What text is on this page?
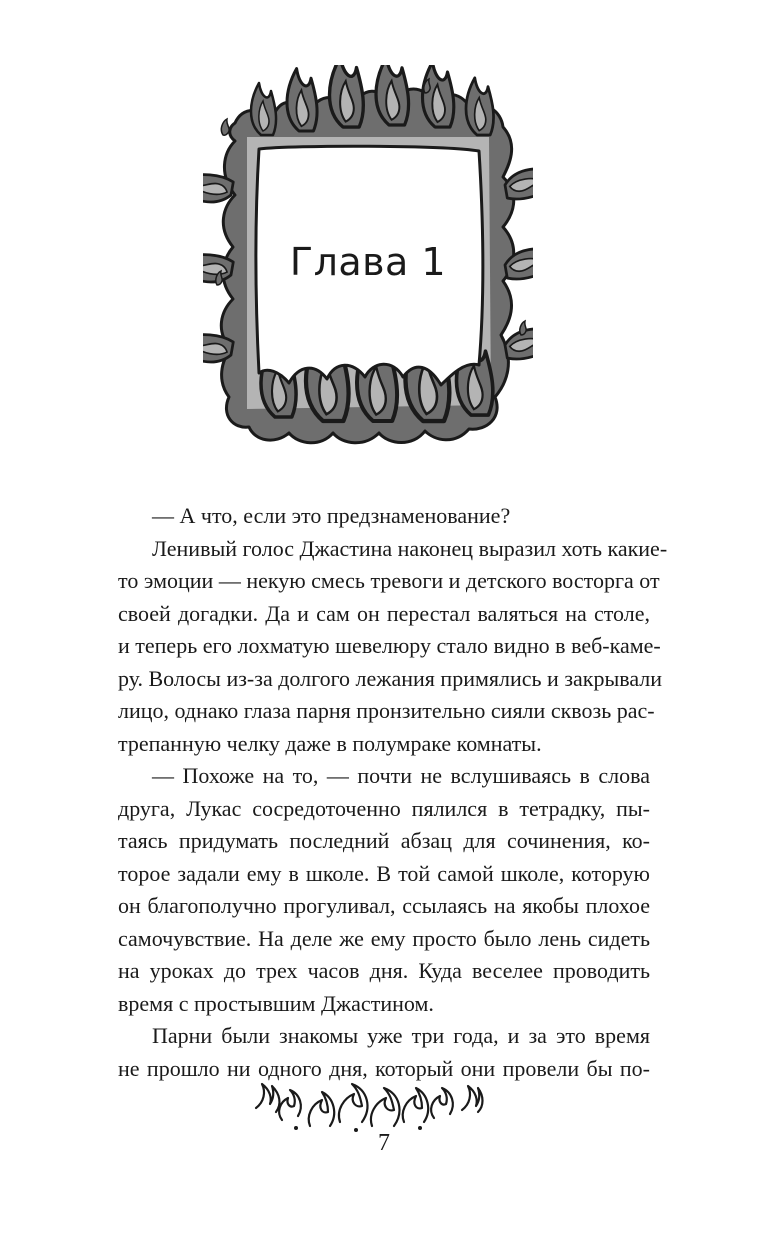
Глава 1

— А что, если это предзнаменование?

Ленивый голос Джастина наконец выразил хоть какие-
то эмоции — некую смесь тревоги и детского восторга от
своей догадки. Да и сам он перестал валяться на столе,
и теперь его лохматую шевелюру стало видно в веб-каме-
ру. Волосы из-за долгого лежания примялись и закрывали
лицо, однако глаза парня пронзительно сияли сквозь рас-
трепанную челку даже в полумраке комнаты.

— Похоже на то, — почти не вслушиваясь в слова
друга, Лукас сосредоточенно пялился в тетрадку, пы-
таясь придумать последний абзац для сочинения, ко-
торое задали ему в школе. В той самой школе, которую
он благополучно прогуливал, ссылаясь на якобы плохое
самочувствие. На деле же ему просто было лень сидеть
на уроках до трех часов дня. Куда веселее проводить
время с простывшим Джастином.

Парни были знакомы уже три года, и за это время
не прошло ни одного дня, который они провели бы по-

7
